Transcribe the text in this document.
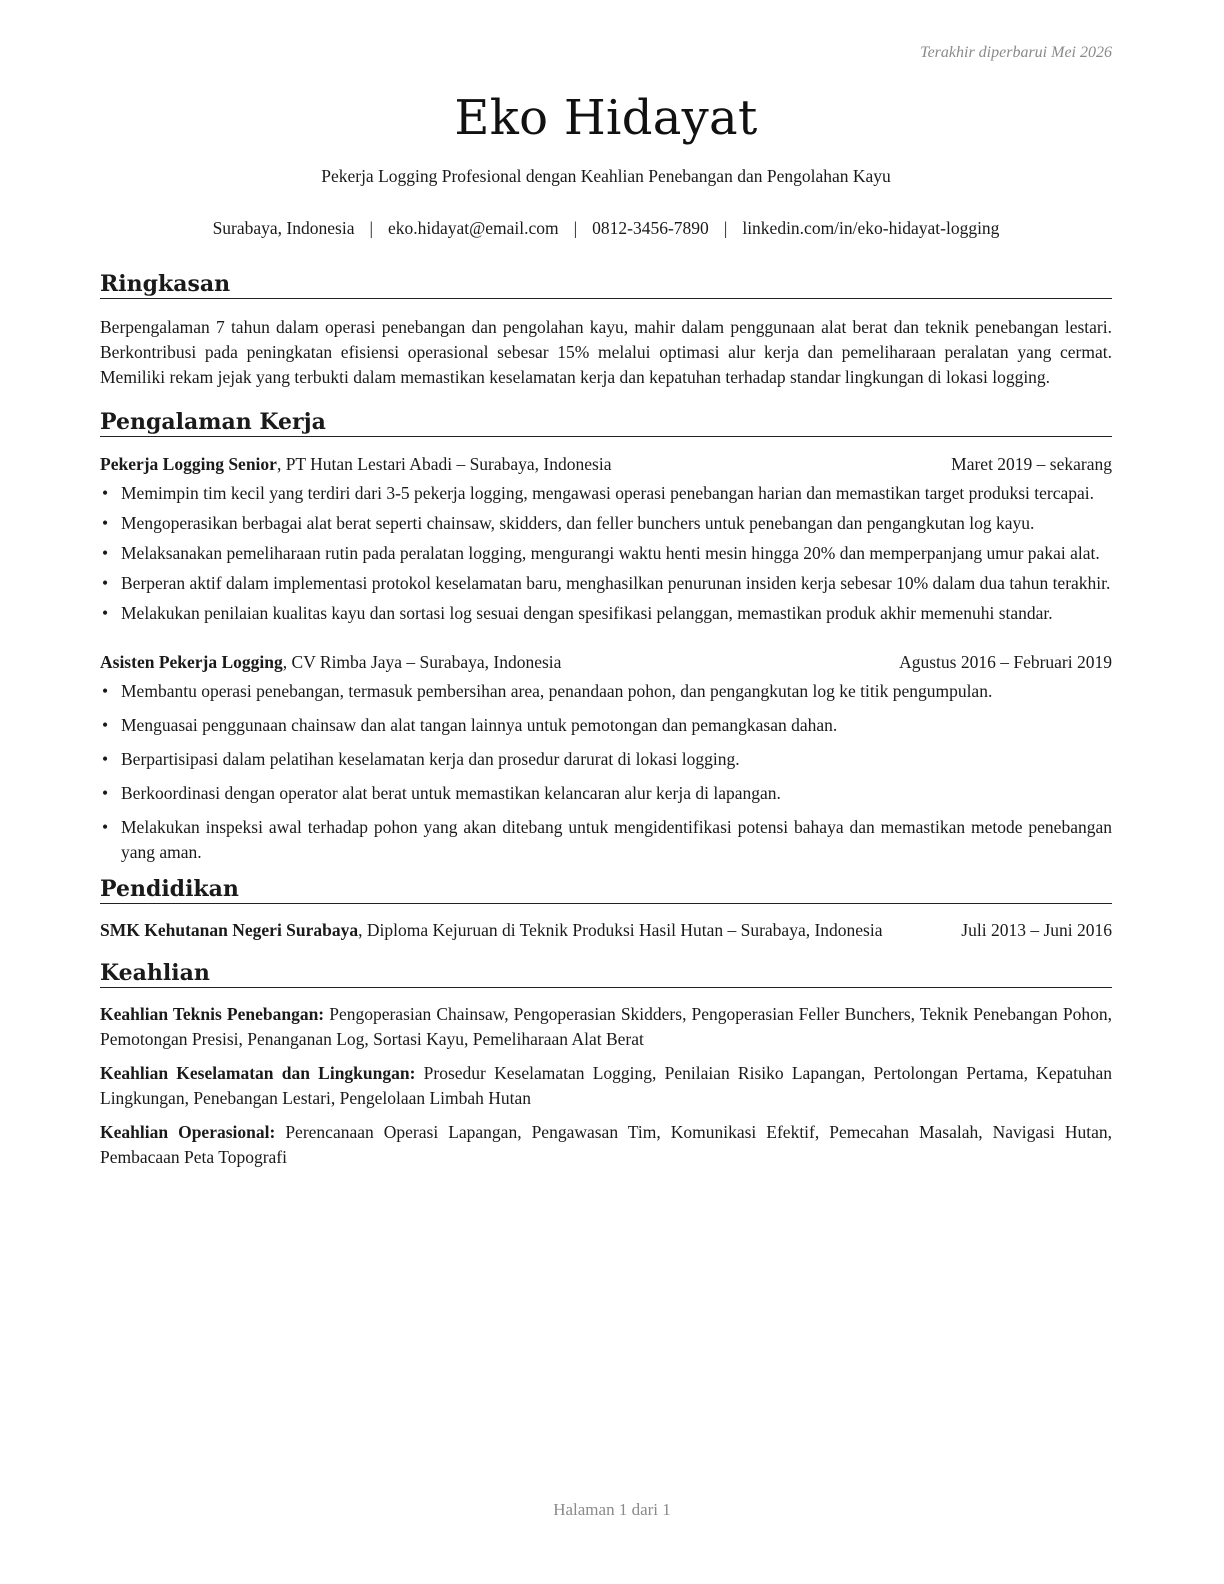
Terakhir diperbarui Mei 2026
Eko Hidayat
Pekerja Logging Profesional dengan Keahlian Penebangan dan Pengolahan Kayu
Surabaya, Indonesia | eko.hidayat@email.com | 0812-3456-7890 | linkedin.com/in/eko-hidayat-logging
Ringkasan
Berpengalaman 7 tahun dalam operasi penebangan dan pengolahan kayu, mahir dalam penggunaan alat berat dan teknik penebangan lestari. Berkontribusi pada peningkatan efisiensi operasional sebesar 15% melalui optimasi alur kerja dan pemeliharaan peralatan yang cermat. Memiliki rekam jejak yang terbukti dalam memastikan keselamatan kerja dan kepatuhan terhadap standar lingkungan di lokasi logging.
Pengalaman Kerja
Pekerja Logging Senior, PT Hutan Lestari Abadi – Surabaya, Indonesia	Maret 2019 – sekarang
• Memimpin tim kecil yang terdiri dari 3-5 pekerja logging, mengawasi operasi penebangan harian dan memastikan target produksi tercapai.
• Mengoperasikan berbagai alat berat seperti chainsaw, skidders, dan feller bunchers untuk penebangan dan pengangkutan log kayu.
• Melaksanakan pemeliharaan rutin pada peralatan logging, mengurangi waktu henti mesin hingga 20% dan memperpanjang umur pakai alat.
• Berperan aktif dalam implementasi protokol keselamatan baru, menghasilkan penurunan insiden kerja sebesar 10% dalam dua tahun terakhir.
• Melakukan penilaian kualitas kayu dan sortasi log sesuai dengan spesifikasi pelanggan, memastikan produk akhir memenuhi standar.
Asisten Pekerja Logging, CV Rimba Jaya – Surabaya, Indonesia	Agustus 2016 – Februari 2019
• Membantu operasi penebangan, termasuk pembersihan area, penandaan pohon, dan pengangkutan log ke titik pengumpulan.
• Menguasai penggunaan chainsaw dan alat tangan lainnya untuk pemotongan dan pemangkasan dahan.
• Berpartisipasi dalam pelatihan keselamatan kerja dan prosedur darurat di lokasi logging.
• Berkoordinasi dengan operator alat berat untuk memastikan kelancaran alur kerja di lapangan.
• Melakukan inspeksi awal terhadap pohon yang akan ditebang untuk mengidentifikasi potensi bahaya dan memastikan metode penebangan yang aman.
Pendidikan
SMK Kehutanan Negeri Surabaya, Diploma Kejuruan di Teknik Produksi Hasil Hutan – Surabaya, Indonesia	Juli 2013 – Juni 2016
Keahlian
Keahlian Teknis Penebangan: Pengoperasian Chainsaw, Pengoperasian Skidders, Pengoperasian Feller Bunchers, Teknik Penebangan Pohon, Pemotongan Presisi, Penanganan Log, Sortasi Kayu, Pemeliharaan Alat Berat
Keahlian Keselamatan dan Lingkungan: Prosedur Keselamatan Logging, Penilaian Risiko Lapangan, Pertolongan Pertama, Kepatuhan Lingkungan, Penebangan Lestari, Pengelolaan Limbah Hutan
Keahlian Operasional: Perencanaan Operasi Lapangan, Pengawasan Tim, Komunikasi Efektif, Pemecahan Masalah, Navigasi Hutan, Pembacaan Peta Topografi
Halaman 1 dari 1
